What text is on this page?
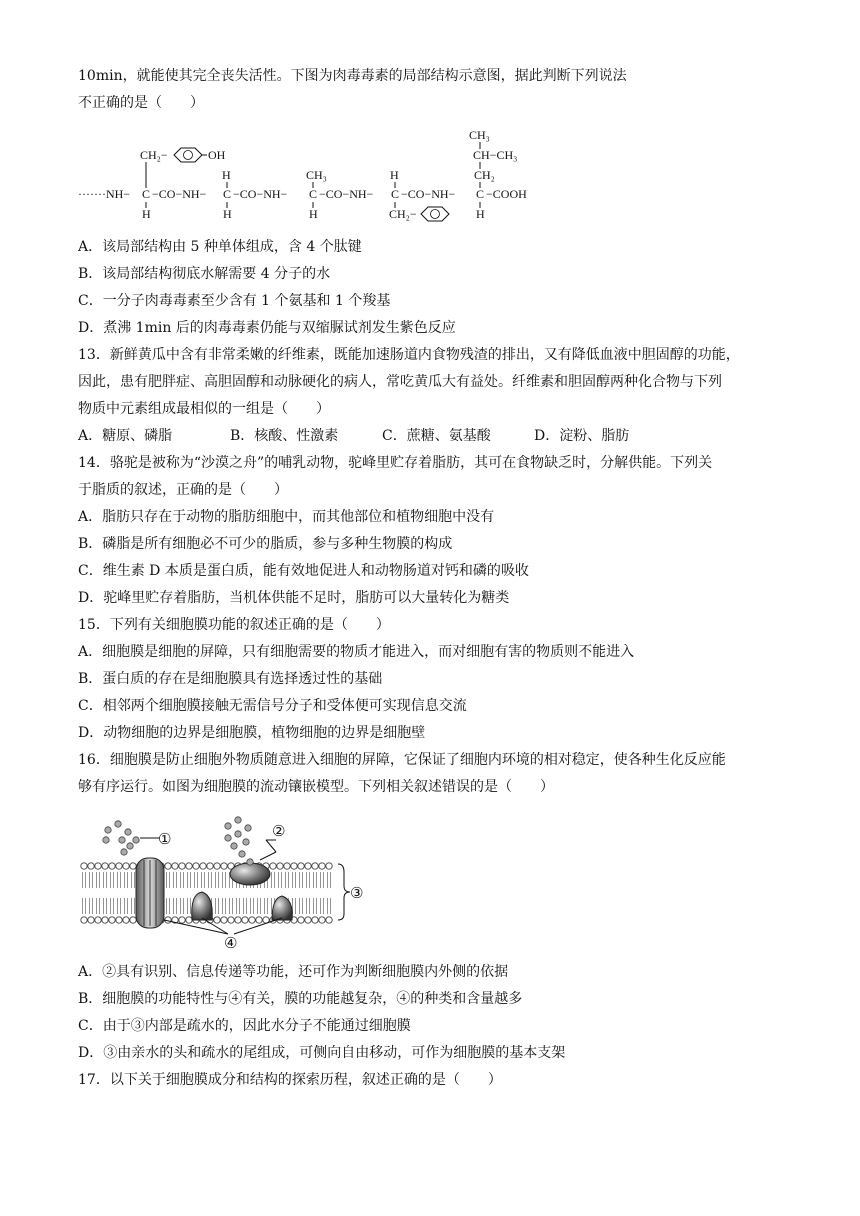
10min，就能使其完全丧失活性。下图为肉毒毒素的局部结构示意图，据此判断下列说法
不正确的是（　　）
CH₃
CH−CH₃
CH₂
CH₂−	OH
CH₃	H
H
·······NH− C −CO−NH− C −CO−NH− C −CO−NH− C −CO−NH− C −COOH
H	H	H	CH₂−	H
A．该局部结构由 5 种单体组成，含 4 个肽键
B．该局部结构彻底水解需要 4 分子的水
C．一分子肉毒毒素至少含有 1 个氨基和 1 个羧基
D．煮沸 1min 后的肉毒毒素仍能与双缩脲试剂发生紫色反应
13．新鲜黄瓜中含有非常柔嫩的纤维素，既能加速肠道内食物残渣的排出，又有降低血液中胆固醇的功能，
因此，患有肥胖症、高胆固醇和动脉硬化的病人，常吃黄瓜大有益处。纤维素和胆固醇两种化合物与下列
物质中元素组成最相似的一组是（　　）
A．糖原、磷脂	B．核酸、性激素	C．蔗糖、氨基酸	D．淀粉、脂肪
14．骆驼是被称为“沙漠之舟”的哺乳动物，驼峰里贮存着脂肪，其可在食物缺乏时，分解供能。下列关
于脂质的叙述，正确的是（　　）
A．脂肪只存在于动物的脂肪细胞中，而其他部位和植物细胞中没有
B．磷脂是所有细胞必不可少的脂质，参与多种生物膜的构成
C．维生素 D 本质是蛋白质，能有效地促进人和动物肠道对钙和磷的吸收
D．驼峰里贮存着脂肪，当机体供能不足时，脂肪可以大量转化为糖类
15．下列有关细胞膜功能的叙述正确的是（　　）
A．细胞膜是细胞的屏障，只有细胞需要的物质才能进入，而对细胞有害的物质则不能进入
B．蛋白质的存在是细胞膜具有选择透过性的基础
C．相邻两个细胞膜接触无需信号分子和受体便可实现信息交流
D．动物细胞的边界是细胞膜，植物细胞的边界是细胞壁
16．细胞膜是防止细胞外物质随意进入细胞的屏障，它保证了细胞内环境的相对稳定，使各种生化反应能
够有序运行。如图为细胞膜的流动镶嵌模型。下列相关叙述错误的是（　　）
①	②
③
④
A．②具有识别、信息传递等功能，还可作为判断细胞膜内外侧的依据
B．细胞膜的功能特性与④有关，膜的功能越复杂，④的种类和含量越多
C．由于③内部是疏水的，因此水分子不能通过细胞膜
D．③由亲水的头和疏水的尾组成，可侧向自由移动，可作为细胞膜的基本支架
17．以下关于细胞膜成分和结构的探索历程，叙述正确的是（　　）
